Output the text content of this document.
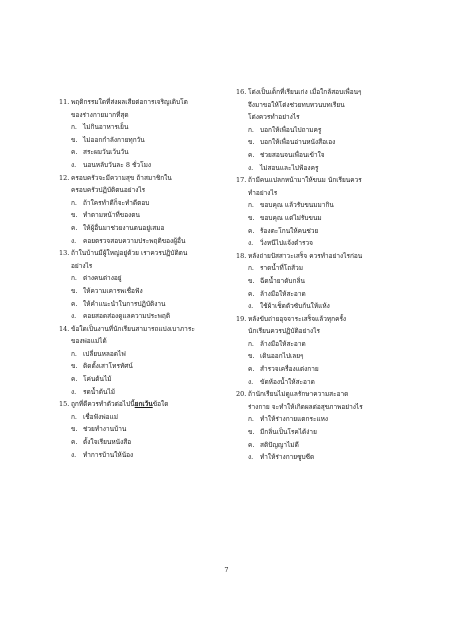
11. พฤติกรรมใดที่ส่งผลเสียต่อการเจริญเติบโต
ของร่างกายมากที่สุด
ก. ไม่กินอาหารเย็น
ข. ไม่ออกกำลังกายทุกวัน
ค. สระผมวันเว้นวัน
ง.	นอนหลับวันละ 8 ชั่วโมง
12. ครอบครัวจะมีความสุข ถ้าสมาชิกใน
ครอบครัวปฏิบัติตนอย่างไร
ก. ถ้าใครทำดีก็จะทำดีตอบ
ข. ทำตามหน้าที่ของตน
ค. ให้ผู้อื่นมาช่วยงานตนอยู่เสมอ
ง.	คอยตรวจสอบความประพฤติของผู้อื่น
13. ถ้าในบ้านมีผู้ใหญ่อยู่ด้วย เราควรปฏิบัติตน
อย่างไร
ก. ต่างคนต่างอยู่
ข. ให้ความเคารพเชื่อฟัง
ค. ให้คำแนะนำในการปฏิบัติงาน
ง.	คอยสอดส่องดูแลความประพฤติ
14. ข้อใดเป็นงานที่นักเรียนสามารถแบ่งเบาภาระ
ของพ่อแม่ได้
ก. เปลี่ยนหลอดไฟ
ข. ติดตั้งเสาโทรทัศน์
ค. โค่นต้นไม้
ง.	รดน้ำต้นไม้
15. ถูกที่ดีควรทำตัวต่อไปนี้ยกเว้นข้อใด
ก. เชื่อฟังพ่อแม่
ข. ช่วยทำงานบ้าน
ค. ตั้งใจเรียนหนังสือ
ง.	ทำการบ้านให้น้อง
16. โต่งเป็นเด็กที่เรียนเก่ง เมื่อใกล้สอบเพื่อนๆ
จึงมาขอให้โต่งช่วยทบทวนบทเรียน
โต่งควรทำอย่างไร
ก. บอกให้เพื่อนไปถามครู
ข. บอกให้เพื่อนอ่านหนังสือเอง
ค. ช่วยสอนจนเพื่อนเข้าใจ
ง.	ไม่สอนและไปฟ้องครู
17. ถ้ามีคนแปลกหน้ามาให้ขนม นักเรียนควร
ทำอย่างไร
ก. ขอบคุณ แล้วรับขนมมากิน
ข. ขอบคุณ แต่ไม่รับขนม
ค. ร้องตะโกนให้คนช่วย
ง.	วิ่งหนีไปแจ้งตำรวจ
18. หลังถ่ายปัสสาวะเสร็จ ควรทำอย่างไรก่อน
ก. ราดน้ำที่โถส้วม
ข. ฉีดน้ำยาดับกลิ่น
ค. ล้างมือให้สะอาด
ง.	ใช้ผ้าเช็ดตัวซับก้นให้แห้ง
19. หลังขับถ่ายอุจจาระเสร็จแล้วทุกครั้ง
นักเรียนควรปฏิบัติอย่างไร
ก. ล้างมือให้สะอาด
ข. เดินออกไปเลยๆ
ค. สำรวจเครื่องแต่งกาย
ง.	ขัดห้องน้ำให้สะอาด
20. ถ้านักเรียนไม่ดูแลรักษาความสะอาด
ร่างกาย จะทำให้เกิดผลต่อสุขภาพอย่างไร
ก. ทำให้ร่างกายแตกระแหง
ข. มีกลิ่นเป็นโรคได้ง่าย
ค. สติปัญญาไม่ดี
ง.	ทำให้ร่างกายซูบซีด
7
